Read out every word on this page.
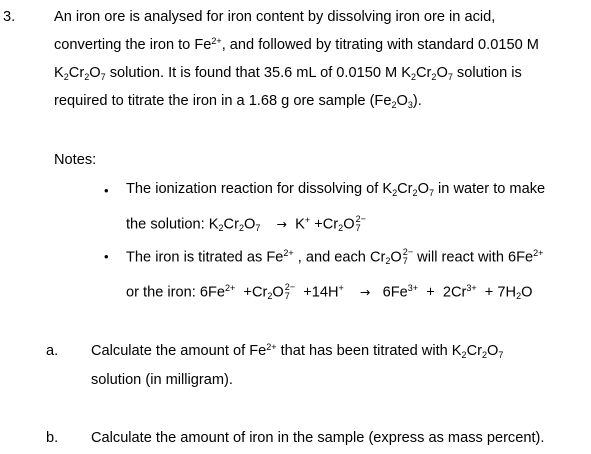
3.	An iron ore is analysed for iron content by dissolving iron ore in acid,
converting the iron to $Fe^{2+}$, and followed by titrating with standard 0.0150 M
$K_2Cr_2O_7$ solution. It is found that 35.6 mL of 0.0150 M $K_2Cr_2O_7$ solution is
required to titrate the iron in a 1.68 g ore sample $(Fe_2O_3)$.
Notes:
• The ionization reaction for dissolving of $K_2Cr_2O_7$ in water to make
the solution: $K_2Cr_2O_7 \to K^+ +Cr_2O$ 2−
7
• The iron is titrated as $Fe^{2+}$ , and each $Cr_2O$ 2−
7 will react with $6Fe^{2+}$
or the iron: $6Fe^{2+} +Cr_2O$ 2−
$7 +14H^+ \to 6Fe^{3+} + 2Cr^{3+} + 7H_2O$
a. Calculate the amount of $Fe^{2+}$ that has been titrated with $K_2Cr_2O_7$
solution (in milligram).
b. Calculate the amount of iron in the sample (express as mass percent).
